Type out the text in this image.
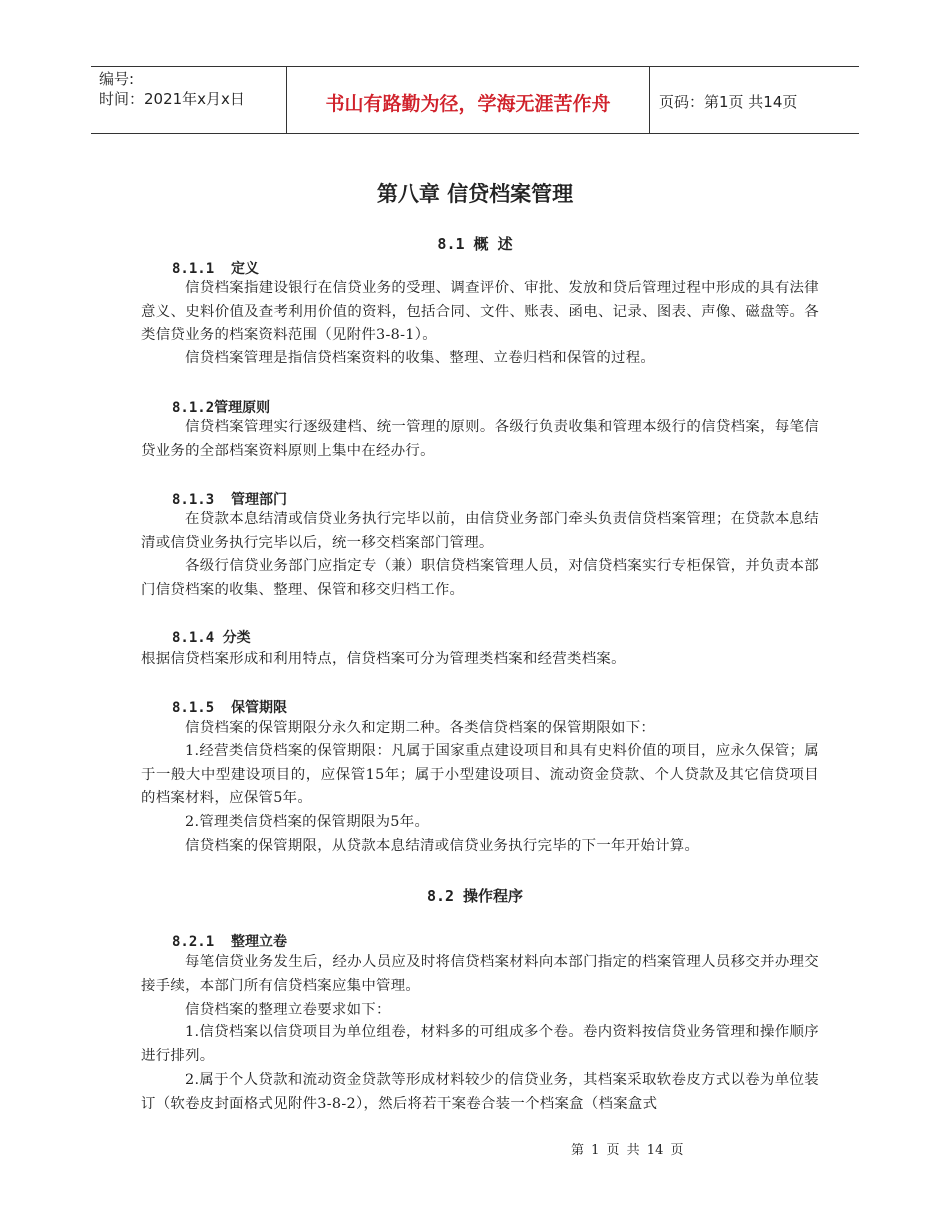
编号:
时间：2021年x月x日	书山有路勤为径，学海无涯苦作舟	页码：第1页 共14页
第八章 信贷档案管理
8.1 概 述
8.1.1  定义
信贷档案指建设银行在信贷业务的受理、调查评价、审批、发放和贷后管理过程中形成的具有法律意义、史料价值及查考利用价值的资料，包括合同、文件、账表、函电、记录、图表、声像、磁盘等。各类信贷业务的档案资料范围（见附件3-8-1）。
信贷档案管理是指信贷档案资料的收集、整理、立卷归档和保管的过程。
8.1.2管理原则
信贷档案管理实行逐级建档、统一管理的原则。各级行负责收集和管理本级行的信贷档案，每笔信贷业务的全部档案资料原则上集中在经办行。
8.1.3  管理部门
在贷款本息结清或信贷业务执行完毕以前，由信贷业务部门牵头负责信贷档案管理；在贷款本息结清或信贷业务执行完毕以后，统一移交档案部门管理。
各级行信贷业务部门应指定专（兼）职信贷档案管理人员，对信贷档案实行专柜保管，并负责本部门信贷档案的收集、整理、保管和移交归档工作。
8.1.4 分类
根据信贷档案形成和利用特点，信贷档案可分为管理类档案和经营类档案。
8.1.5  保管期限
信贷档案的保管期限分永久和定期二种。各类信贷档案的保管期限如下：
1.经营类信贷档案的保管期限：凡属于国家重点建设项目和具有史料价值的项目，应永久保管；属于一般大中型建设项目的，应保管15年；属于小型建设项目、流动资金贷款、个人贷款及其它信贷项目的档案材料，应保管5年。
2.管理类信贷档案的保管期限为5年。
信贷档案的保管期限，从贷款本息结清或信贷业务执行完毕的下一年开始计算。
8.2 操作程序
8.2.1  整理立卷
每笔信贷业务发生后，经办人员应及时将信贷档案材料向本部门指定的档案管理人员移交并办理交接手续，本部门所有信贷档案应集中管理。
信贷档案的整理立卷要求如下：
1.信贷档案以信贷项目为单位组卷，材料多的可组成多个卷。卷内资料按信贷业务管理和操作顺序进行排列。
2.属于个人贷款和流动资金贷款等形成材料较少的信贷业务，其档案采取软卷皮方式以卷为单位装订（软卷皮封面格式见附件3-8-2），然后将若干案卷合装一个档案盒（档案盒式
第 1 页 共 14 页
